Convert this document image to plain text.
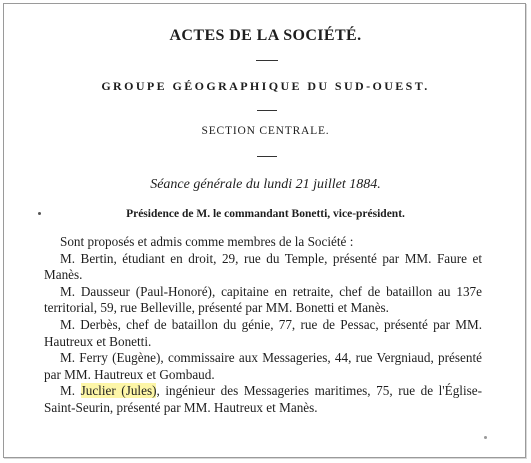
ACTES DE LA SOCIÉTÉ.
GROUPE GÉOGRAPHIQUE DU SUD-OUEST.
SECTION CENTRALE.
Séance générale du lundi 21 juillet 1884.
Présidence de M. le commandant Bonetti, vice-président.

Sont proposés et admis comme membres de la Société :

M. Bertin, étudiant en droit, 29, rue du Temple, présenté par MM. Faure et Manès.

M. Dausseur (Paul-Honoré), capitaine en retraite, chef de bataillon au 137e territorial, 59, rue Belleville, présenté par MM. Bonetti et Manès.

M. Derbès, chef de bataillon du génie, 77, rue de Pessac, présenté par MM. Hautreux et Bonetti.

M. Ferry (Eugène), commissaire aux Messageries, 44, rue Vergniaud, présenté par MM. Hautreux et Gombaud.

M. Juclier (Jules), ingénieur des Messageries maritimes, 75, rue de l'Église-Saint-Seurin, présenté par MM. Hautreux et Manès.
